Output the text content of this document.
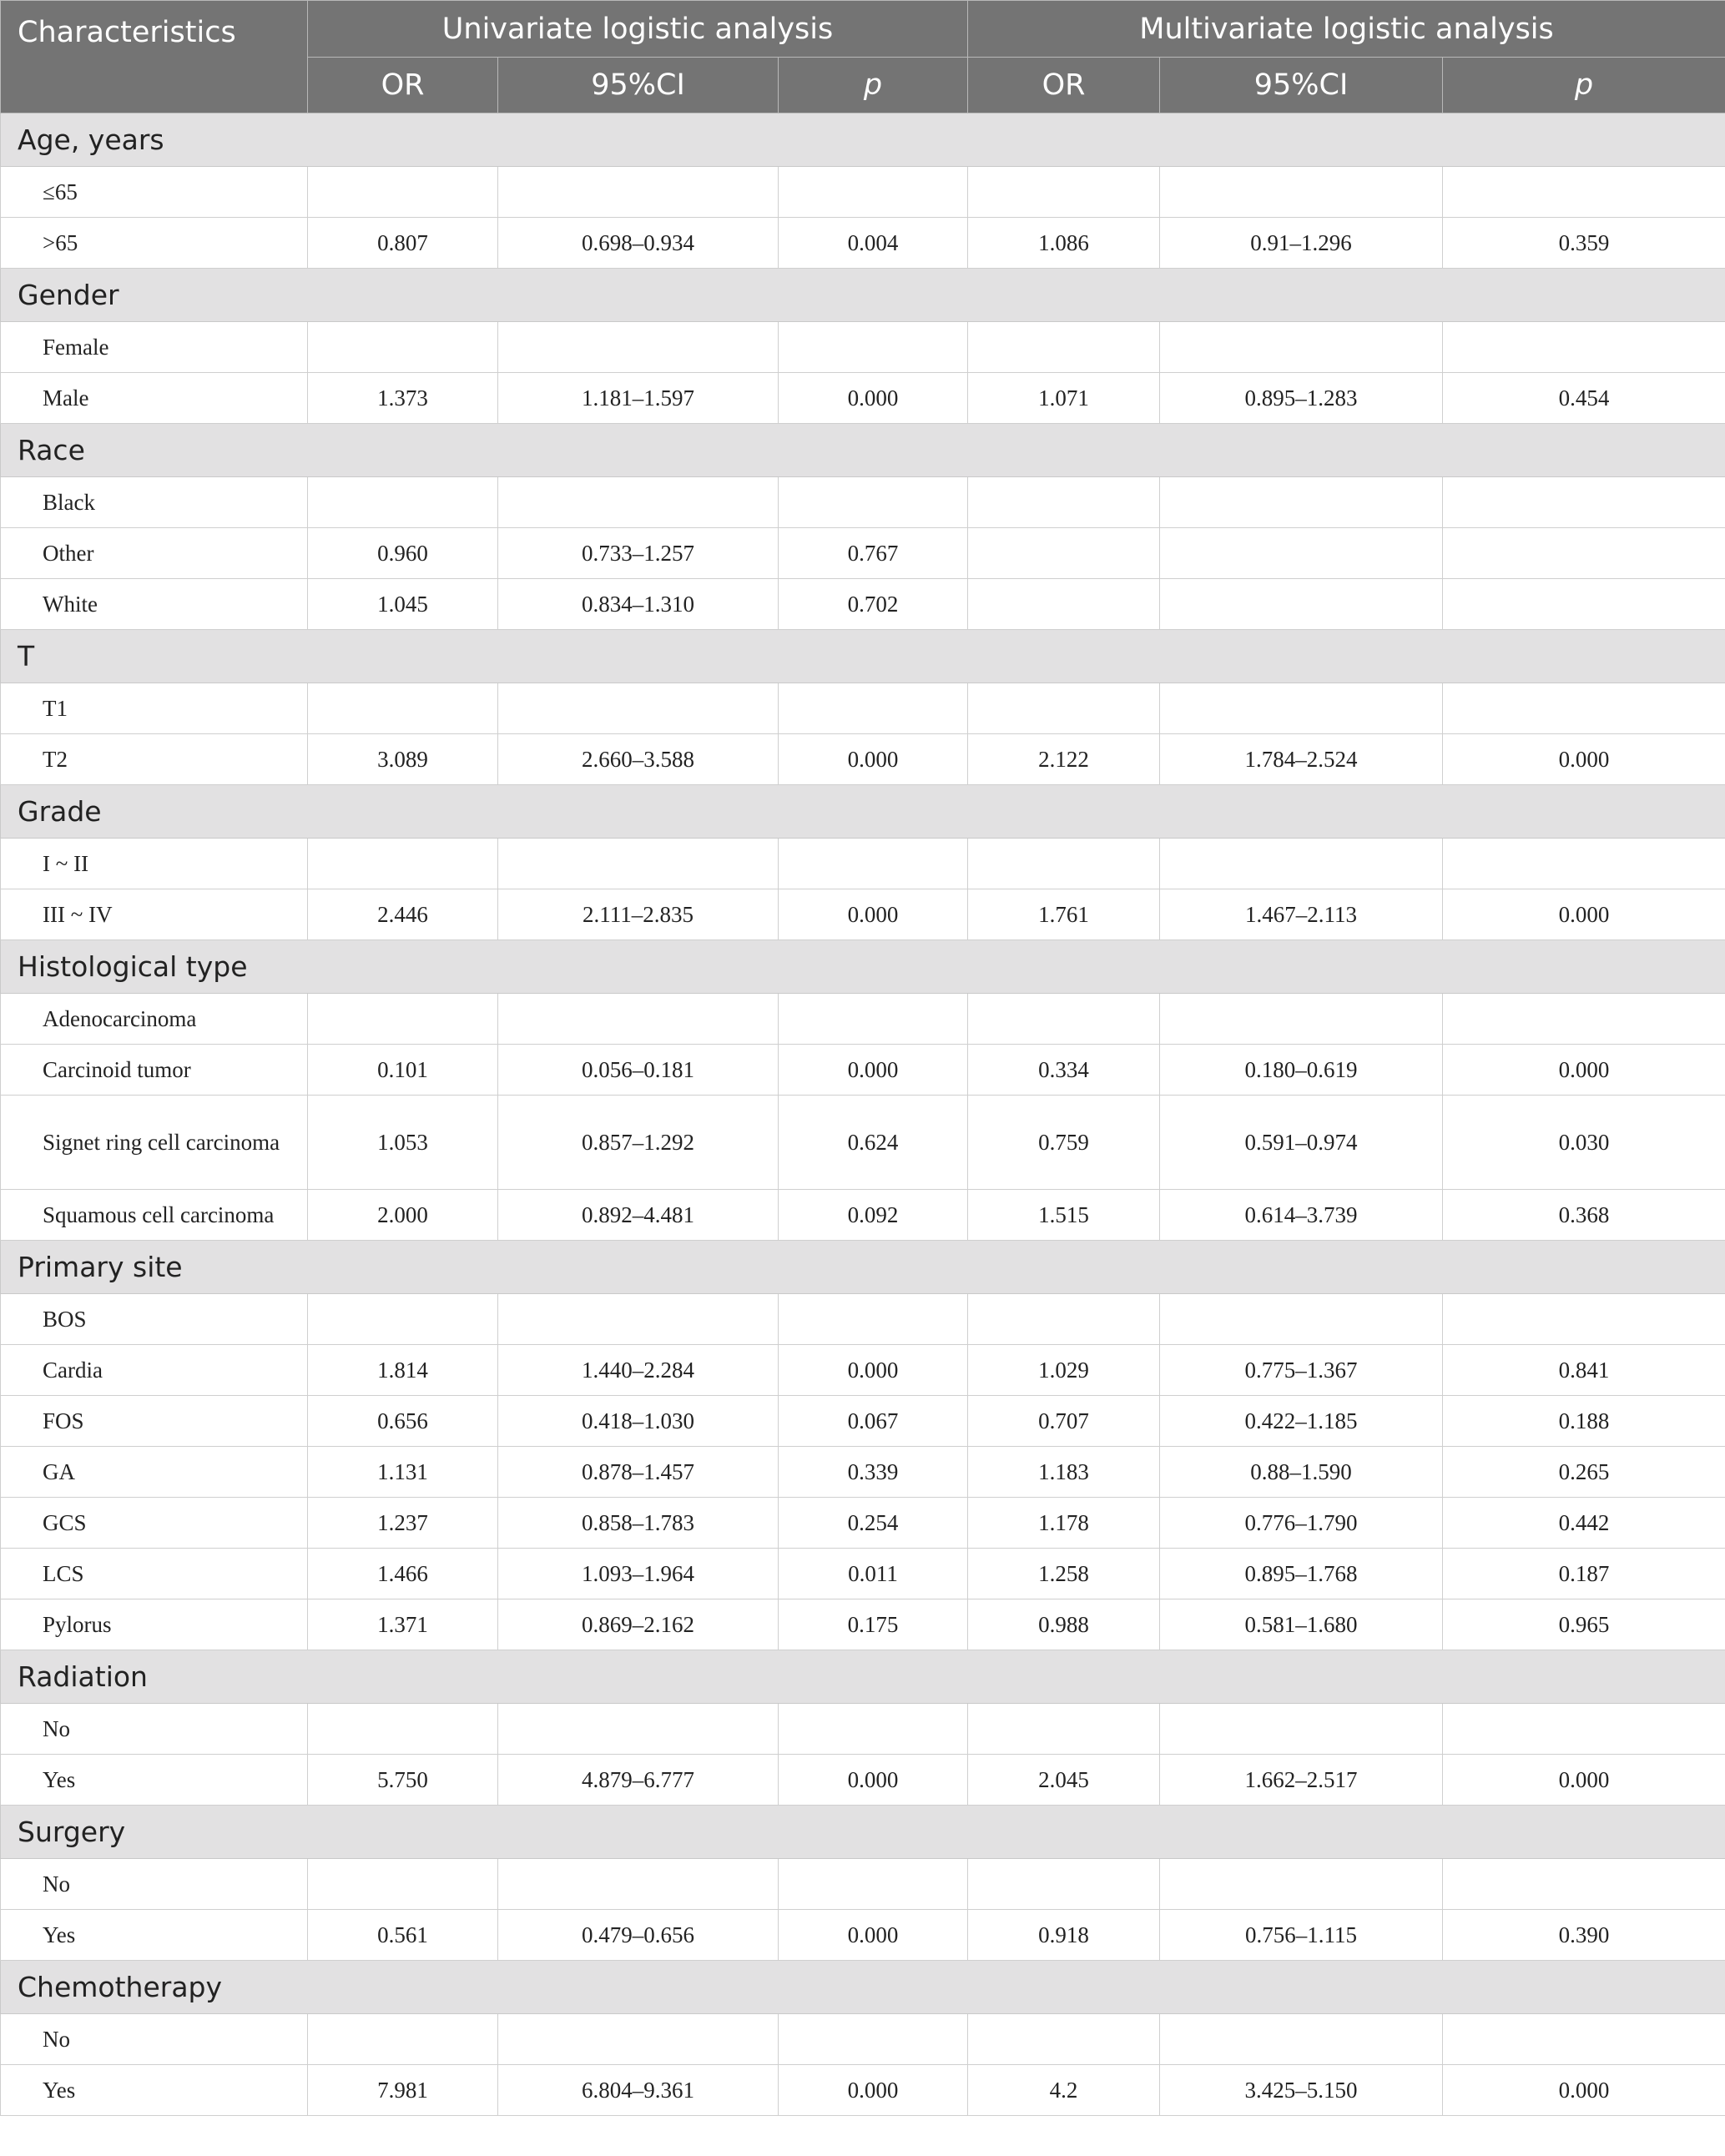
Characteristics	Univariate logistic analysis			Multivariate logistic analysis		
	OR	95%CI	p	OR	95%CI	p
Age, years						
≤65						
>65	0.807	0.698–0.934	0.004	1.086	0.91–1.296	0.359
Gender						
Female						
Male	1.373	1.181–1.597	0.000	1.071	0.895–1.283	0.454
Race						
Black						
Other	0.960	0.733–1.257	0.767			
White	1.045	0.834–1.310	0.702			
T						
T1						
T2	3.089	2.660–3.588	0.000	2.122	1.784–2.524	0.000
Grade						
I ~ II						
III ~ IV	2.446	2.111–2.835	0.000	1.761	1.467–2.113	0.000
Histological type						
Adenocarcinoma						
Carcinoid tumor	0.101	0.056–0.181	0.000	0.334	0.180–0.619	0.000
Signet ring cell carcinoma	1.053	0.857–1.292	0.624	0.759	0.591–0.974	0.030
Squamous cell carcinoma	2.000	0.892–4.481	0.092	1.515	0.614–3.739	0.368
Primary site						
BOS						
Cardia	1.814	1.440–2.284	0.000	1.029	0.775–1.367	0.841
FOS	0.656	0.418–1.030	0.067	0.707	0.422–1.185	0.188
GA	1.131	0.878–1.457	0.339	1.183	0.88–1.590	0.265
GCS	1.237	0.858–1.783	0.254	1.178	0.776–1.790	0.442
LCS	1.466	1.093–1.964	0.011	1.258	0.895–1.768	0.187
Pylorus	1.371	0.869–2.162	0.175	0.988	0.581–1.680	0.965
Radiation						
No						
Yes	5.750	4.879–6.777	0.000	2.045	1.662–2.517	0.000
Surgery						
No						
Yes	0.561	0.479–0.656	0.000	0.918	0.756–1.115	0.390
Chemotherapy						
No						
Yes	7.981	6.804–9.361	0.000	4.2	3.425–5.150	0.000
